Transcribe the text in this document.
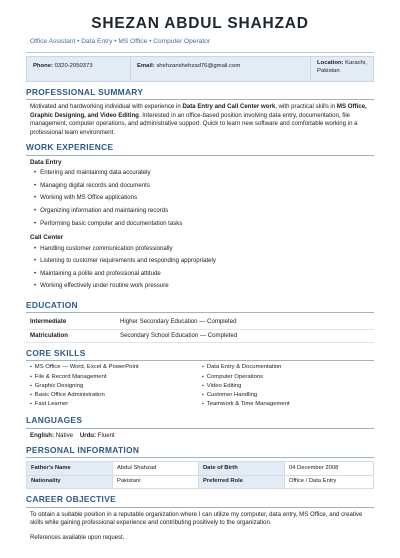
SHEZAN ABDUL SHAHZAD
Office Assistant • Data Entry • MS Office • Computer Operator
Phone: 0320-2050373	Email: shehzanshehzad76@gmail.com	Location: Karachi,
Pakistan
PROFESSIONAL SUMMARY
Motivated and hardworking individual with experience in Data Entry and Call Center work, with practical skills in MS Office, Graphic Designing, and Video Editing. Interested in an office-based position involving data entry, documentation, file management, computer operations, and administrative support. Quick to learn new software and comfortable working in a professional team environment.
WORK EXPERIENCE
Data Entry
• Entering and maintaining data accurately
• Managing digital records and documents
• Working with MS Office applications
• Organizing information and maintaining records
• Performing basic computer and documentation tasks
Call Center
• Handling customer communication professionally
• Listening to customer requirements and responding appropriately
• Maintaining a polite and professional attitude
• Working effectively under routine work pressure
EDUCATION
Intermediate	Higher Secondary Education — Completed
Matriculation	Secondary School Education — Completed
CORE SKILLS
▪ MS Office — Word, Excel & PowerPoint
▪ File & Record Management
▪ Graphic Designing
▪ Basic Office Administration
▪ Fast Learner
▪ Data Entry & Documentation
▪ Computer Operations
▪ Video Editing
▪ Customer Handling
▪ Teamwork & Time Management
LANGUAGES
English: Native Urdu: Fluent
PERSONAL INFORMATION
Father's Name	Abdul Shahzad	Date of Birth	04 December 2008
Nationality	Pakistani	Preferred Role	Office / Data Entry
CAREER OBJECTIVE
To obtain a suitable position in a reputable organization where I can utilize my computer, data entry, MS Office, and creative skills while gaining professional experience and contributing positively to the organization.
References available upon request.
